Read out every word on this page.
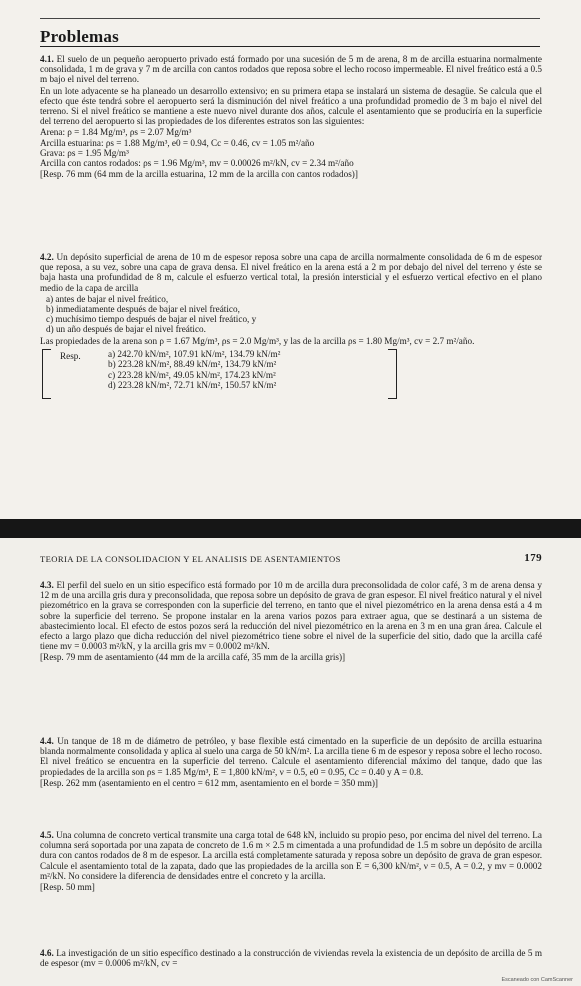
Problemas

4.1. El suelo de un pequeño aeropuerto privado está formado por una sucesión de 5 m de arena, 8 m de arcilla estuarina normalmente consolidada, 1 m de grava y 7 m de arcilla con cantos rodados que reposa sobre el lecho rocoso impermeable. El nivel freático está a 0.5 m bajo el nivel del terreno.

En un lote adyacente se ha planeado un desarrollo extensivo; en su primera etapa se instalará un sistema de desagüe. Se calcula que el efecto que éste tendrá sobre el aeropuerto será la disminución del nivel freático a una profundidad promedio de 3 m bajo el nivel del terreno. Si el nivel freático se mantiene a este nuevo nivel durante dos años, calcule el asentamiento que se produciría en la superficie del terreno del aeropuerto si las propiedades de los diferentes estratos son las siguientes:

Arena: ρ = 1.84 Mg/m³, ρs = 2.07 Mg/m³

Arcilla estuarina: ρs = 1.88 Mg/m³, e0 = 0.94, Cc = 0.46, cv = 1.05 m²/año

Grava: ρs = 1.95 Mg/m³

Arcilla con cantos rodados: ρs = 1.96 Mg/m³, mv = 0.00026 m²/kN, cv = 2.34 m²/año

[Resp. 76 mm (64 mm de la arcilla estuarina, 12 mm de la arcilla con cantos rodados)]

4.2. Un depósito superficial de arena de 10 m de espesor reposa sobre una capa de arcilla normalmente consolidada de 6 m de espesor que reposa, a su vez, sobre una capa de grava densa. El nivel freático en la arena está a 2 m por debajo del nivel del terreno y éste se baja hasta una profundidad de 8 m, calcule el esfuerzo vertical total, la presión intersticial y el esfuerzo vertical efectivo en el plano medio de la capa de arcilla

a) antes de bajar el nivel freático,
b) inmediatamente después de bajar el nivel freático,
c) muchísimo tiempo después de bajar el nivel freático, y
d) un año después de bajar el nivel freático.

Las propiedades de la arena son ρ = 1.67 Mg/m³, ρs = 2.0 Mg/m³, y las de la arcilla ρs = 1.80 Mg/m³, cv = 2.7 m²/año.

Resp.	a) 242.70 kN/m², 107.91 kN/m², 134.79 kN/m²
b) 223.28 kN/m², 88.49 kN/m², 134.79 kN/m²
c) 223.28 kN/m², 49.05 kN/m², 174.23 kN/m²
d) 223.28 kN/m², 72.71 kN/m², 150.57 kN/m²
TEORIA DE LA CONSOLIDACION Y EL ANALISIS DE ASENTAMIENTOS	179

4.3. El perfil del suelo en un sitio específico está formado por 10 m de arcilla dura preconsolidada de color café, 3 m de arena densa y 12 m de una arcilla gris dura y preconsolidada, que reposa sobre un depósito de grava de gran espesor. El nivel freático natural y el nivel piezométrico en la grava se corresponden con la superficie del terreno, en tanto que el nivel piezométrico en la arena densa está a 4 m sobre la superficie del terreno. Se propone instalar en la arena varios pozos para extraer agua, que se destinará a un sistema de abastecimiento local. El efecto de estos pozos será la reducción del nivel piezométrico en la arena en 3 m en una gran área. Calcule el efecto a largo plazo que dicha reducción del nivel piezométrico tiene sobre el nivel de la superficie del sitio, dado que la arcilla café tiene mv = 0.0003 m²/kN, y la arcilla gris mv = 0.0002 m²/kN.

[Resp. 79 mm de asentamiento (44 mm de la arcilla café, 35 mm de la arcilla gris)]

4.4. Un tanque de 18 m de diámetro de petróleo, y base flexible está cimentado en la superficie de un depósito de arcilla estuarina blanda normalmente consolidada y aplica al suelo una carga de 50 kN/m². La arcilla tiene 6 m de espesor y reposa sobre el lecho rocoso. El nivel freático se encuentra en la superficie del terreno. Calcule el asentamiento diferencial máximo del tanque, dado que las propiedades de la arcilla son ρs = 1.85 Mg/m³, E = 1,800 kN/m², ν = 0.5, e0 = 0.95, Cc = 0.40 y A = 0.8.

[Resp. 262 mm (asentamiento en el centro = 612 mm, asentamiento en el borde = 350 mm)]

4.5. Una columna de concreto vertical transmite una carga total de 648 kN, incluido su propio peso, por encima del nivel del terreno. La columna será soportada por una zapata de concreto de 1.6 m × 2.5 m cimentada a una profundidad de 1.5 m sobre un depósito de arcilla dura con cantos rodados de 8 m de espesor. La arcilla está completamente saturada y reposa sobre un depósito de grava de gran espesor. Calcule el asentamiento total de la zapata, dado que las propiedades de la arcilla son E = 6,300 kN/m², ν = 0.5, A = 0.2, y mv = 0.0002 m²/kN. No considere la diferencia de densidades entre el concreto y la arcilla.

[Resp. 50 mm]

4.6. La investigación de un sitio específico destinado a la construcción de viviendas revela la existencia de un depósito de arcilla de 5 m de espesor (mv = 0.0006 m²/kN, cv =

Escaneado con CamScanner
